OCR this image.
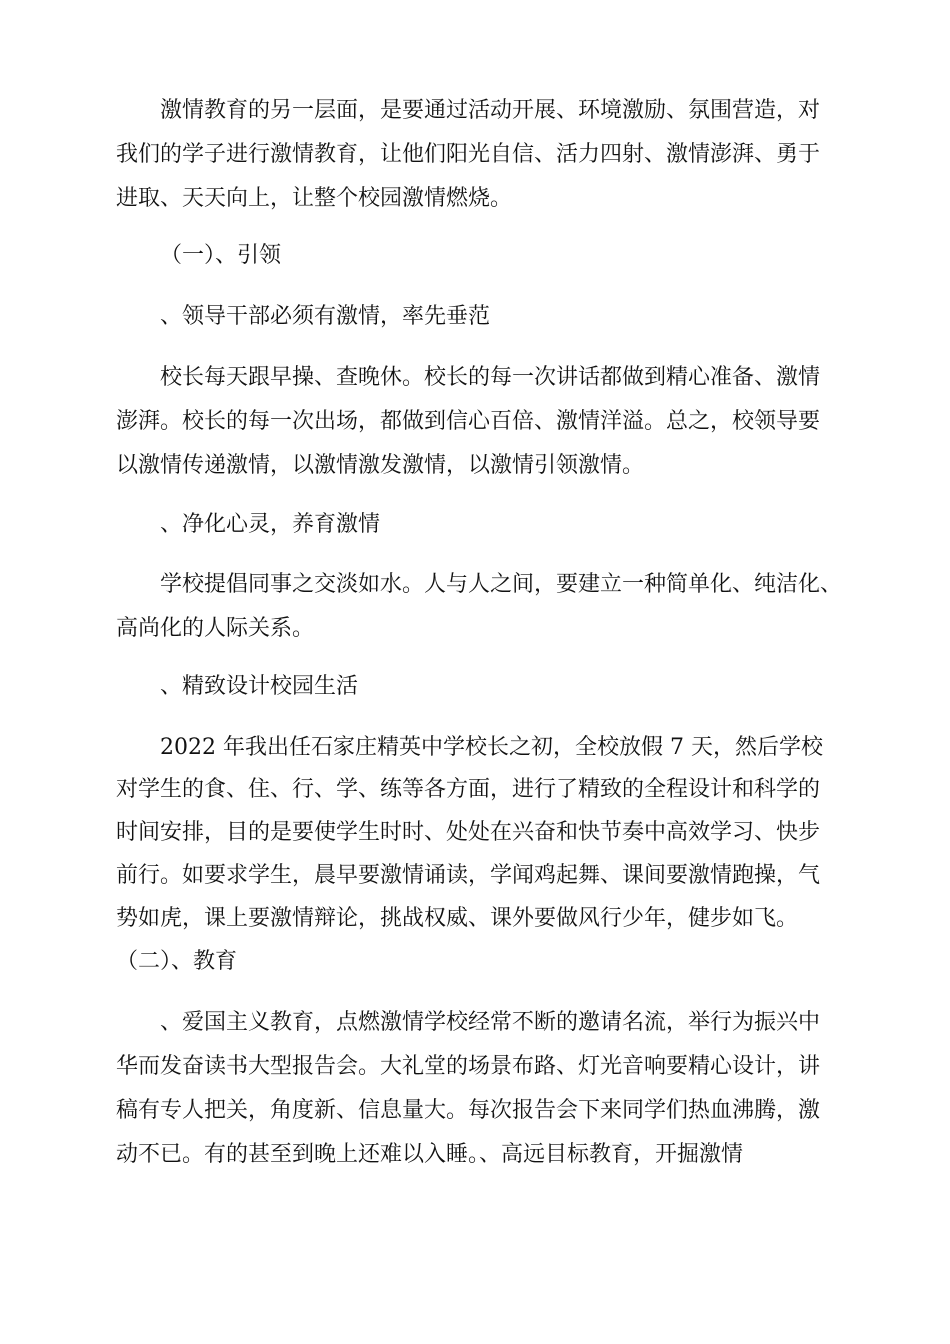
激情教育的另一层面，是要通过活动开展、环境激励、氛围营造，对
我们的学子进行激情教育，让他们阳光自信、活力四射、激情澎湃、勇于
进取、天天向上，让整个校园激情燃烧。
（一）、引领
、领导干部必须有激情，率先垂范
校长每天跟早操、查晚休。校长的每一次讲话都做到精心准备、激情
澎湃。校长的每一次出场，都做到信心百倍、激情洋溢。总之，校领导要
以激情传递激情，以激情激发激情，以激情引领激情。
、净化心灵，养育激情
学校提倡同事之交淡如水。人与人之间，要建立一种简单化、纯洁化、
高尚化的人际关系。
、精致设计校园生活
2022 年我出任石家庄精英中学校长之初，全校放假 7 天，然后学校
对学生的食、住、行、学、练等各方面，进行了精致的全程设计和科学的
时间安排，目的是要使学生时时、处处在兴奋和快节奏中高效学习、快步
前行。如要求学生，晨早要激情诵读，学闻鸡起舞、课间要激情跑操，气
势如虎，课上要激情辩论，挑战权威、课外要做风行少年，健步如飞。
（二）、教育
、爱国主义教育，点燃激情学校经常不断的邀请名流，举行为振兴中
华而发奋读书大型报告会。大礼堂的场景布路、灯光音响要精心设计，讲
稿有专人把关，角度新、信息量大。每次报告会下来同学们热血沸腾，激
动不已。有的甚至到晚上还难以入睡。、高远目标教育，开掘激情
